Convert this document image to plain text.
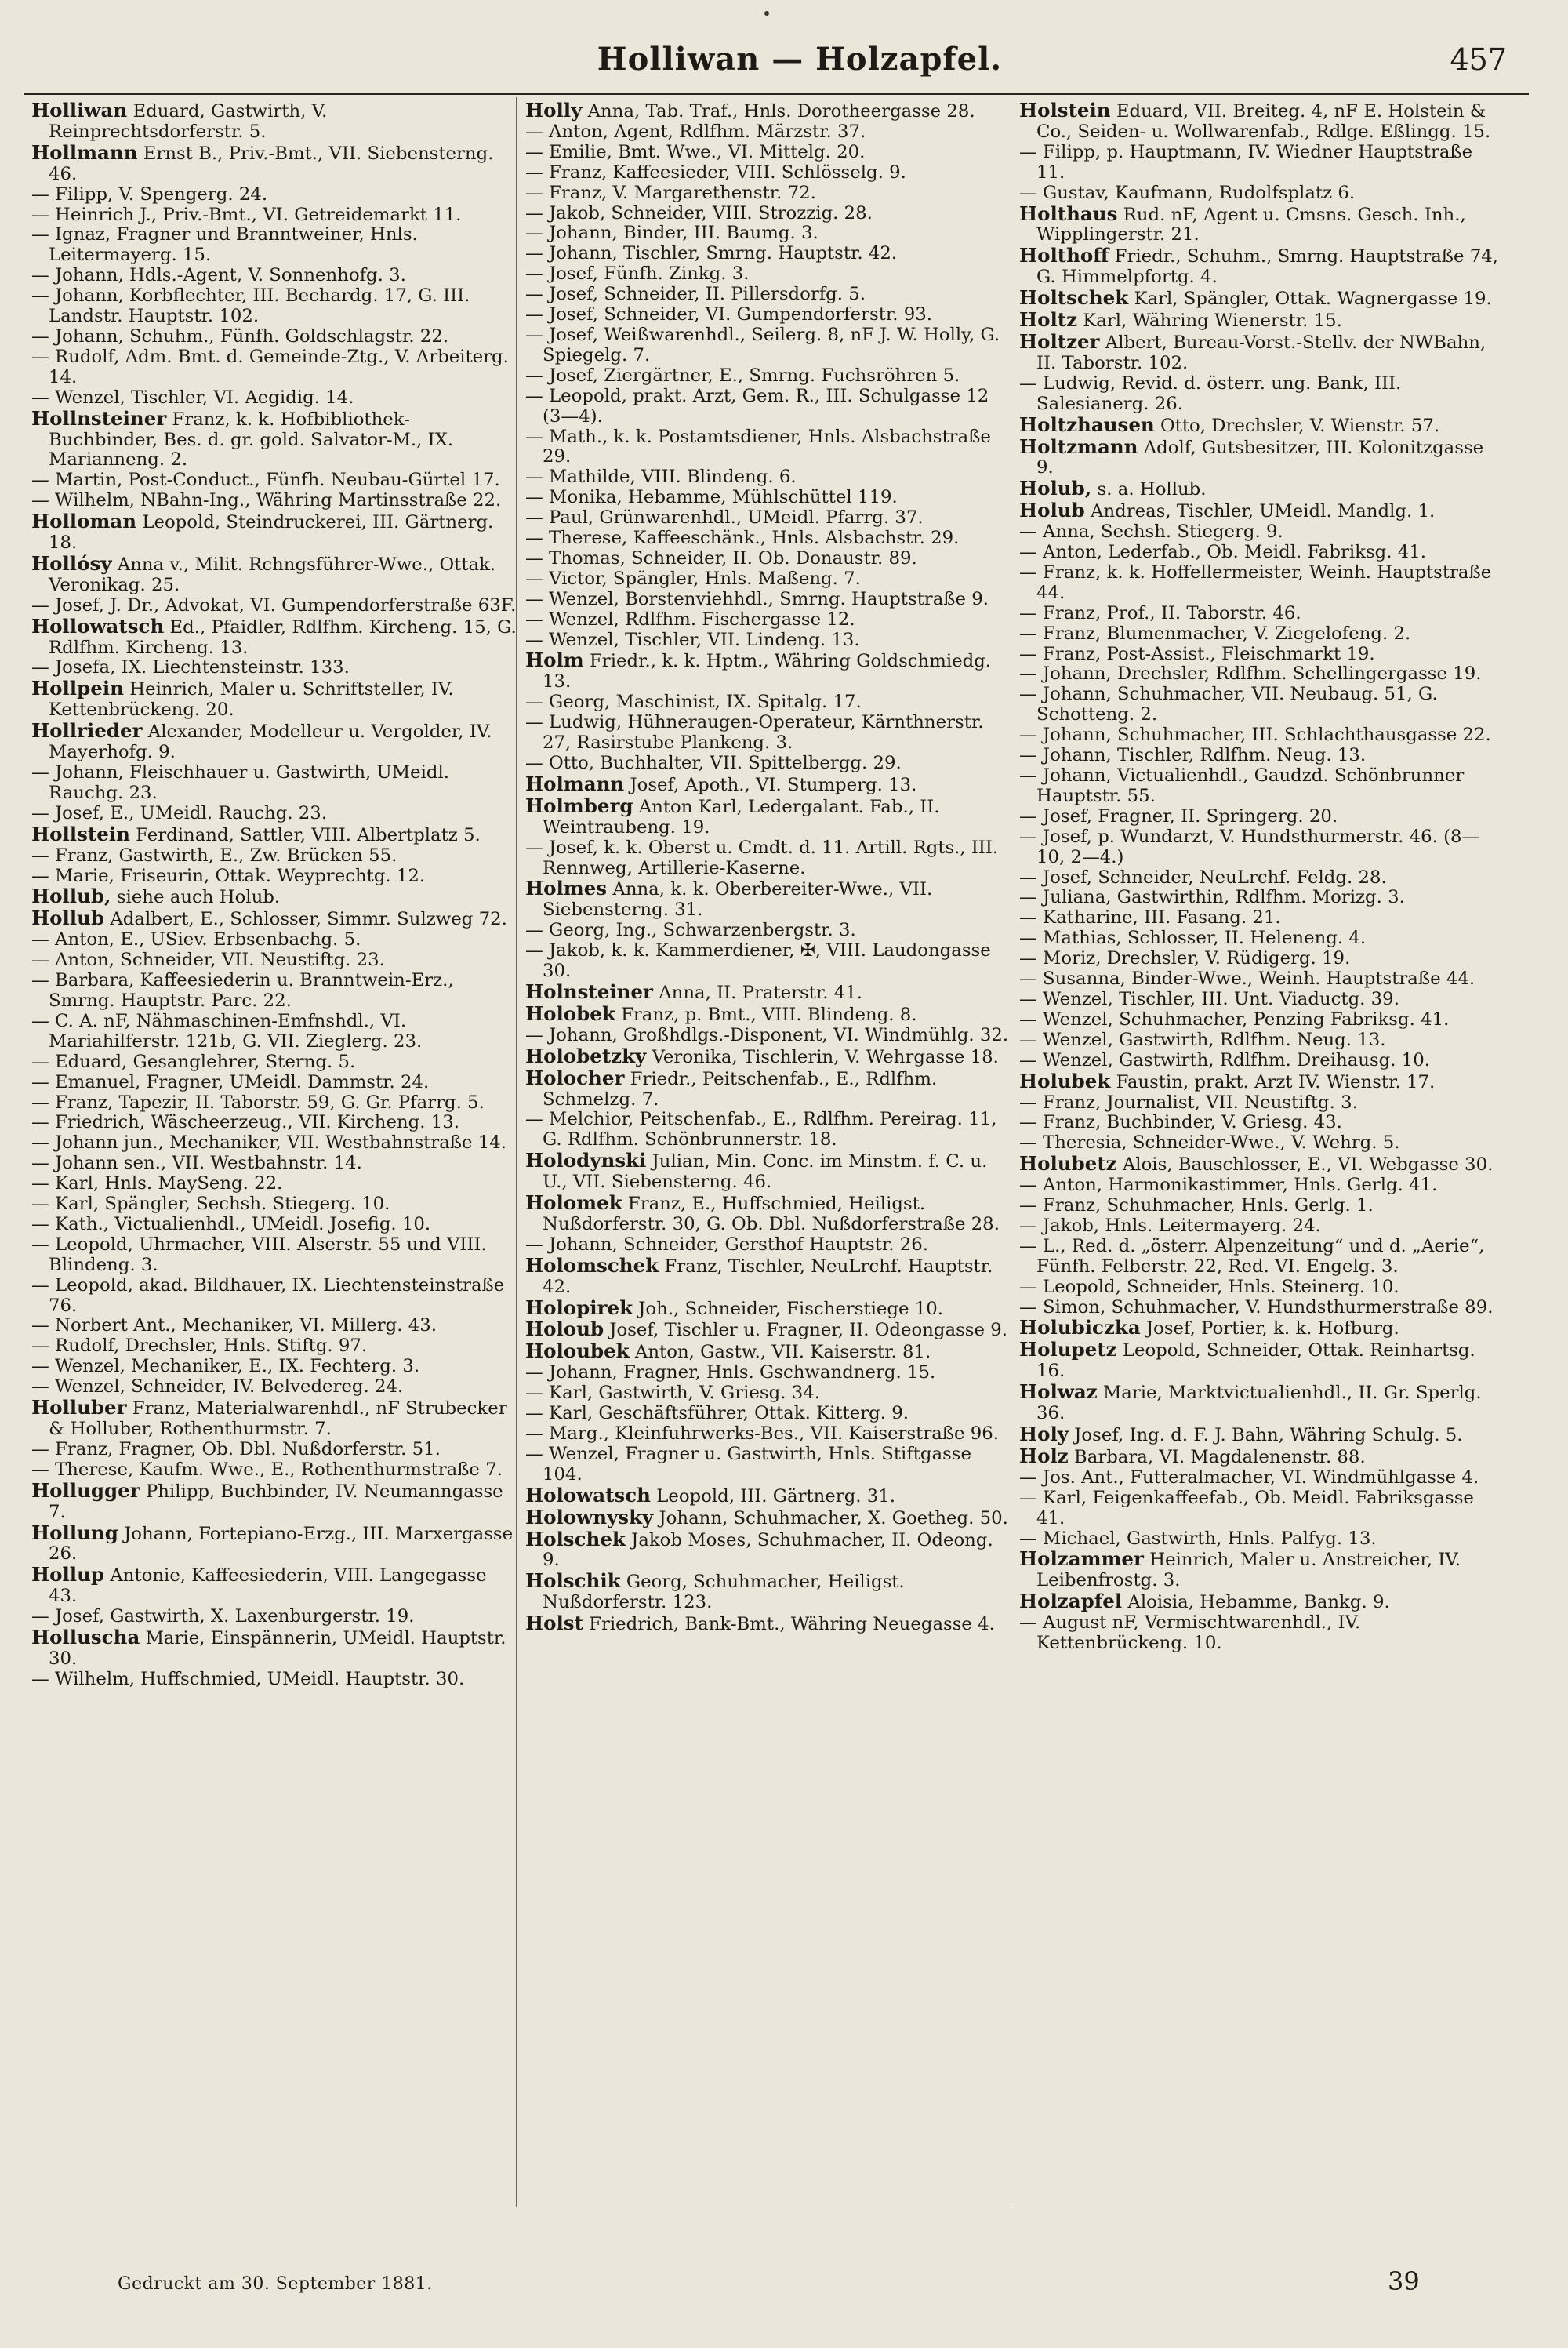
Holliwan — Holzapfel.	457

Holliwan Eduard, Gastwirth, V. Reinprechtsdorferstr. 5.

Hollmann Ernst B., Priv.-Bmt., VII. Siebensterng. 46.

— Filipp, V. Spengerg. 24.

— Heinrich J., Priv.-Bmt., VI. Getreidemarkt 11.

— Ignaz, Fragner und Branntweiner, Hnls. Leitermayerg. 15.

— Johann, Hdls.-Agent, V. Sonnenhofg. 3.

— Johann, Korbflechter, III. Bechardg. 17, G. III. Landstr. Hauptstr. 102.

— Johann, Schuhm., Fünfh. Goldschlagstr. 22.

— Rudolf, Adm. Bmt. d. Gemeinde-Ztg., V. Arbeiterg. 14.

— Wenzel, Tischler, VI. Aegidig. 14.

Hollnsteiner Franz, k. k. Hofbibliothek-Buchbinder, Bes. d. gr. gold. Salvator-M., IX. Marianneng. 2.

— Martin, Post-Conduct., Fünfh. Neubau-Gürtel 17.

— Wilhelm, NBahn-Ing., Währing Martinsstraße 22.

Holloman Leopold, Steindruckerei, III. Gärtnerg. 18.

Hollósy Anna v., Milit. Rchngsführer-Wwe., Ottak. Veronikag. 25.

— Josef, J. Dr., Advokat, VI. Gumpendorferstraße 63F.

Hollowatsch Ed., Pfaidler, Rdlfhm. Kircheng. 15, G. Rdlfhm. Kircheng. 13.

— Josefa, IX. Liechtensteinstr. 133.

Hollpein Heinrich, Maler u. Schriftsteller, IV. Kettenbrückeng. 20.

Hollrieder Alexander, Modelleur u. Vergolder, IV. Mayerhofg. 9.

— Johann, Fleischhauer u. Gastwirth, UMeidl. Rauchg. 23.

— Josef, E., UMeidl. Rauchg. 23.

Hollstein Ferdinand, Sattler, VIII. Albertplatz 5.

— Franz, Gastwirth, E., Zw. Brücken 55.

— Marie, Friseurin, Ottak. Weyprechtg. 12.

Hollub, siehe auch Holub.

Hollub Adalbert, E., Schlosser, Simmr. Sulzweg 72.

— Anton, E., USiev. Erbsenbachg. 5.

— Anton, Schneider, VII. Neustiftg. 23.

— Barbara, Kaffeesiederin u. Branntwein-Erz., Smrng. Hauptstr. Parc. 22.

— C. A. nF, Nähmaschinen-Emfnshdl., VI. Mariahilferstr. 121b, G. VII. Zieglerg. 23.

— Eduard, Gesanglehrer, Sterng. 5.

— Emanuel, Fragner, UMeidl. Dammstr. 24.

— Franz, Tapezir, II. Taborstr. 59, G. Gr. Pfarrg. 5.

— Friedrich, Wäscheerzeug., VII. Kircheng. 13.

— Johann jun., Mechaniker, VII. Westbahnstraße 14.

— Johann sen., VII. Westbahnstr. 14.

— Karl, Hnls. MaySeng. 22.

— Karl, Spängler, Sechsh. Stiegerg. 10.

— Kath., Victualienhdl., UMeidl. Josefig. 10.

— Leopold, Uhrmacher, VIII. Alserstr. 55 und VIII. Blindeng. 3.

— Leopold, akad. Bildhauer, IX. Liechtensteinstraße 76.

— Norbert Ant., Mechaniker, VI. Millerg. 43.

— Rudolf, Drechsler, Hnls. Stiftg. 97.

— Wenzel, Mechaniker, E., IX. Fechterg. 3.

— Wenzel, Schneider, IV. Belvedereg. 24.

Holluber Franz, Materialwarenhdl., nF Strubecker & Holluber, Rothenthurmstr. 7.

— Franz, Fragner, Ob. Dbl. Nußdorferstr. 51.

— Therese, Kaufm. Wwe., E., Rothenthurmstraße 7.

Hollugger Philipp, Buchbinder, IV. Neumanngasse 7.

Hollung Johann, Fortepiano-Erzg., III. Marxergasse 26.

Hollup Antonie, Kaffeesiederin, VIII. Langegasse 43.

— Josef, Gastwirth, X. Laxenburgerstr. 19.

Holluscha Marie, Einspännerin, UMeidl. Hauptstr. 30.

— Wilhelm, Huffschmied, UMeidl. Hauptstr. 30.

Holly Anna, Tab. Traf., Hnls. Dorotheergasse 28.

— Anton, Agent, Rdlfhm. Märzstr. 37.

— Emilie, Bmt. Wwe., VI. Mittelg. 20.

— Franz, Kaffeesieder, VIII. Schlösselg. 9.

— Franz, V. Margarethenstr. 72.

— Jakob, Schneider, VIII. Strozzig. 28.

— Johann, Binder, III. Baumg. 3.

— Johann, Tischler, Smrng. Hauptstr. 42.

— Josef, Fünfh. Zinkg. 3.

— Josef, Schneider, II. Pillersdorfg. 5.

— Josef, Schneider, VI. Gumpendorferstr. 93.

— Josef, Weißwarenhdl., Seilerg. 8, nF J. W. Holly, G. Spiegelg. 7.

— Josef, Ziergärtner, E., Smrng. Fuchsröhren 5.

— Leopold, prakt. Arzt, Gem. R., III. Schulgasse 12 (3—4).

— Math., k. k. Postamtsdiener, Hnls. Alsbachstraße 29.

— Mathilde, VIII. Blindeng. 6.

— Monika, Hebamme, Mühlschüttel 119.

— Paul, Grünwarenhdl., UMeidl. Pfarrg. 37.

— Therese, Kaffeeschänk., Hnls. Alsbachstr. 29.

— Thomas, Schneider, II. Ob. Donaustr. 89.

— Victor, Spängler, Hnls. Maßeng. 7.

— Wenzel, Borstenviehhdl., Smrng. Hauptstraße 9.

— Wenzel, Rdlfhm. Fischergasse 12.

— Wenzel, Tischler, VII. Lindeng. 13.

Holm Friedr., k. k. Hptm., Währing Goldschmiedg. 13.

— Georg, Maschinist, IX. Spitalg. 17.

— Ludwig, Hühneraugen-Operateur, Kärnthnerstr. 27, Rasirstube Plankeng. 3.

— Otto, Buchhalter, VII. Spittelbergg. 29.

Holmann Josef, Apoth., VI. Stumperg. 13.

Holmberg Anton Karl, Ledergalant. Fab., II. Weintraubeng. 19.

— Josef, k. k. Oberst u. Cmdt. d. 11. Artill. Rgts., III. Rennweg, Artillerie-Kaserne.

Holmes Anna, k. k. Oberbereiter-Wwe., VII. Siebensterng. 31.

— Georg, Ing., Schwarzenbergstr. 3.

— Jakob, k. k. Kammerdiener, ✠, VIII. Laudongasse 30.

Holnsteiner Anna, II. Praterstr. 41.

Holobek Franz, p. Bmt., VIII. Blindeng. 8.

— Johann, Großhdlgs.-Disponent, VI. Windmühlg. 32.

Holobetzky Veronika, Tischlerin, V. Wehrgasse 18.

Holocher Friedr., Peitschenfab., E., Rdlfhm. Schmelzg. 7.

— Melchior, Peitschenfab., E., Rdlfhm. Pereirag. 11, G. Rdlfhm. Schönbrunnerstr. 18.

Holodynski Julian, Min. Conc. im Minstm. f. C. u. U., VII. Siebensterng. 46.

Holomek Franz, E., Huffschmied, Heiligst. Nußdorferstr. 30, G. Ob. Dbl. Nußdorferstraße 28.

— Johann, Schneider, Gersthof Hauptstr. 26.

Holomschek Franz, Tischler, NeuLrchf. Hauptstr. 42.

Holopirek Joh., Schneider, Fischerstiege 10.

Holoub Josef, Tischler u. Fragner, II. Odeongasse 9.

Holoubek Anton, Gastw., VII. Kaiserstr. 81.

— Johann, Fragner, Hnls. Gschwandnerg. 15.

— Karl, Gastwirth, V. Griesg. 34.

— Karl, Geschäftsführer, Ottak. Kitterg. 9.

— Marg., Kleinfuhrwerks-Bes., VII. Kaiserstraße 96.

— Wenzel, Fragner u. Gastwirth, Hnls. Stiftgasse 104.

Holowatsch Leopold, III. Gärtnerg. 31.

Holownysky Johann, Schuhmacher, X. Goetheg. 50.

Holschek Jakob Moses, Schuhmacher, II. Odeong. 9.

Holschik Georg, Schuhmacher, Heiligst. Nußdorferstr. 123.

Holst Friedrich, Bank-Bmt., Währing Neuegasse 4.

Holstein Eduard, VII. Breiteg. 4, nF E. Holstein & Co., Seiden- u. Wollwarenfab., Rdlge. Eßlingg. 15.

— Filipp, p. Hauptmann, IV. Wiedner Hauptstraße 11.

— Gustav, Kaufmann, Rudolfsplatz 6.

Holthaus Rud. nF, Agent u. Cmsns. Gesch. Inh., Wipplingerstr. 21.

Holthoff Friedr., Schuhm., Smrng. Hauptstraße 74, G. Himmelpfortg. 4.

Holtschek Karl, Spängler, Ottak. Wagnergasse 19.

Holtz Karl, Währing Wienerstr. 15.

Holtzer Albert, Bureau-Vorst.-Stellv. der NWBahn, II. Taborstr. 102.

— Ludwig, Revid. d. österr. ung. Bank, III. Salesianerg. 26.

Holtzhausen Otto, Drechsler, V. Wienstr. 57.

Holtzmann Adolf, Gutsbesitzer, III. Kolonitzgasse 9.

Holub, s. a. Hollub.

Holub Andreas, Tischler, UMeidl. Mandlg. 1.

— Anna, Sechsh. Stiegerg. 9.

— Anton, Lederfab., Ob. Meidl. Fabriksg. 41.

— Franz, k. k. Hoffellermeister, Weinh. Hauptstraße 44.

— Franz, Prof., II. Taborstr. 46.

— Franz, Blumenmacher, V. Ziegelofeng. 2.

— Franz, Post-Assist., Fleischmarkt 19.

— Johann, Drechsler, Rdlfhm. Schellingergasse 19.

— Johann, Schuhmacher, VII. Neubaug. 51, G. Schotteng. 2.

— Johann, Schuhmacher, III. Schlachthausgasse 22.

— Johann, Tischler, Rdlfhm. Neug. 13.

— Johann, Victualienhdl., Gaudzd. Schönbrunner Hauptstr. 55.

— Josef, Fragner, II. Springerg. 20.

— Josef, p. Wundarzt, V. Hundsthurmerstr. 46. (8—10, 2—4.)

— Josef, Schneider, NeuLrchf. Feldg. 28.

— Juliana, Gastwirthin, Rdlfhm. Morizg. 3.

— Katharine, III. Fasang. 21.

— Mathias, Schlosser, II. Heleneng. 4.

— Moriz, Drechsler, V. Rüdigerg. 19.

— Susanna, Binder-Wwe., Weinh. Hauptstraße 44.

— Wenzel, Tischler, III. Unt. Viaductg. 39.

— Wenzel, Schuhmacher, Penzing Fabriksg. 41.

— Wenzel, Gastwirth, Rdlfhm. Neug. 13.

— Wenzel, Gastwirth, Rdlfhm. Dreihausg. 10.

Holubek Faustin, prakt. Arzt IV. Wienstr. 17.

— Franz, Journalist, VII. Neustiftg. 3.

— Franz, Buchbinder, V. Griesg. 43.

— Theresia, Schneider-Wwe., V. Wehrg. 5.

Holubetz Alois, Bauschlosser, E., VI. Webgasse 30.

— Anton, Harmonikastimmer, Hnls. Gerlg. 41.

— Franz, Schuhmacher, Hnls. Gerlg. 1.

— Jakob, Hnls. Leitermayerg. 24.

— L., Red. d. „österr. Alpenzeitung“ und d. „Aerie“, Fünfh. Felberstr. 22, Red. VI. Engelg. 3.

— Leopold, Schneider, Hnls. Steinerg. 10.

— Simon, Schuhmacher, V. Hundsthurmerstraße 89.

Holubiczka Josef, Portier, k. k. Hofburg.

Holupetz Leopold, Schneider, Ottak. Reinhartsg. 16.

Holwaz Marie, Marktvictualienhdl., II. Gr. Sperlg. 36.

Holy Josef, Ing. d. F. J. Bahn, Währing Schulg. 5.

Holz Barbara, VI. Magdalenenstr. 88.

— Jos. Ant., Futteralmacher, VI. Windmühlgasse 4.

— Karl, Feigenkaffeefab., Ob. Meidl. Fabriksgasse 41.

— Michael, Gastwirth, Hnls. Palfyg. 13.

Holzammer Heinrich, Maler u. Anstreicher, IV. Leibenfrostg. 3.

Holzapfel Aloisia, Hebamme, Bankg. 9.

— August nF, Vermischtwarenhdl., IV. Kettenbrückeng. 10.

Gedruckt am 30. September 1881.	39
